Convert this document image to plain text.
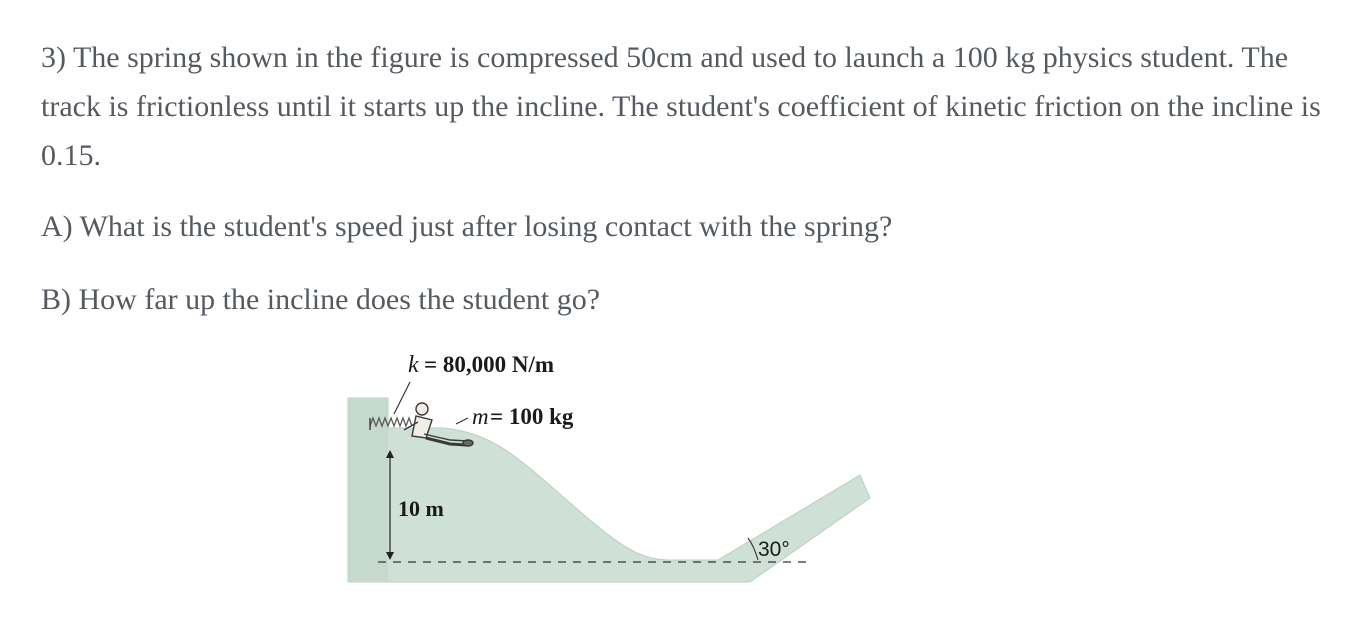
3) The spring shown in the figure is compressed 50cm and used to launch a 100 kg physics student. The track is frictionless until it starts up the incline. The student's coefficient of kinetic friction on the incline is 0.15.

A) What is the student's speed just after losing contact with the spring?

B) How far up the incline does the student go?

k = 80,000 N/m
m = 100 kg
10 m
30°
